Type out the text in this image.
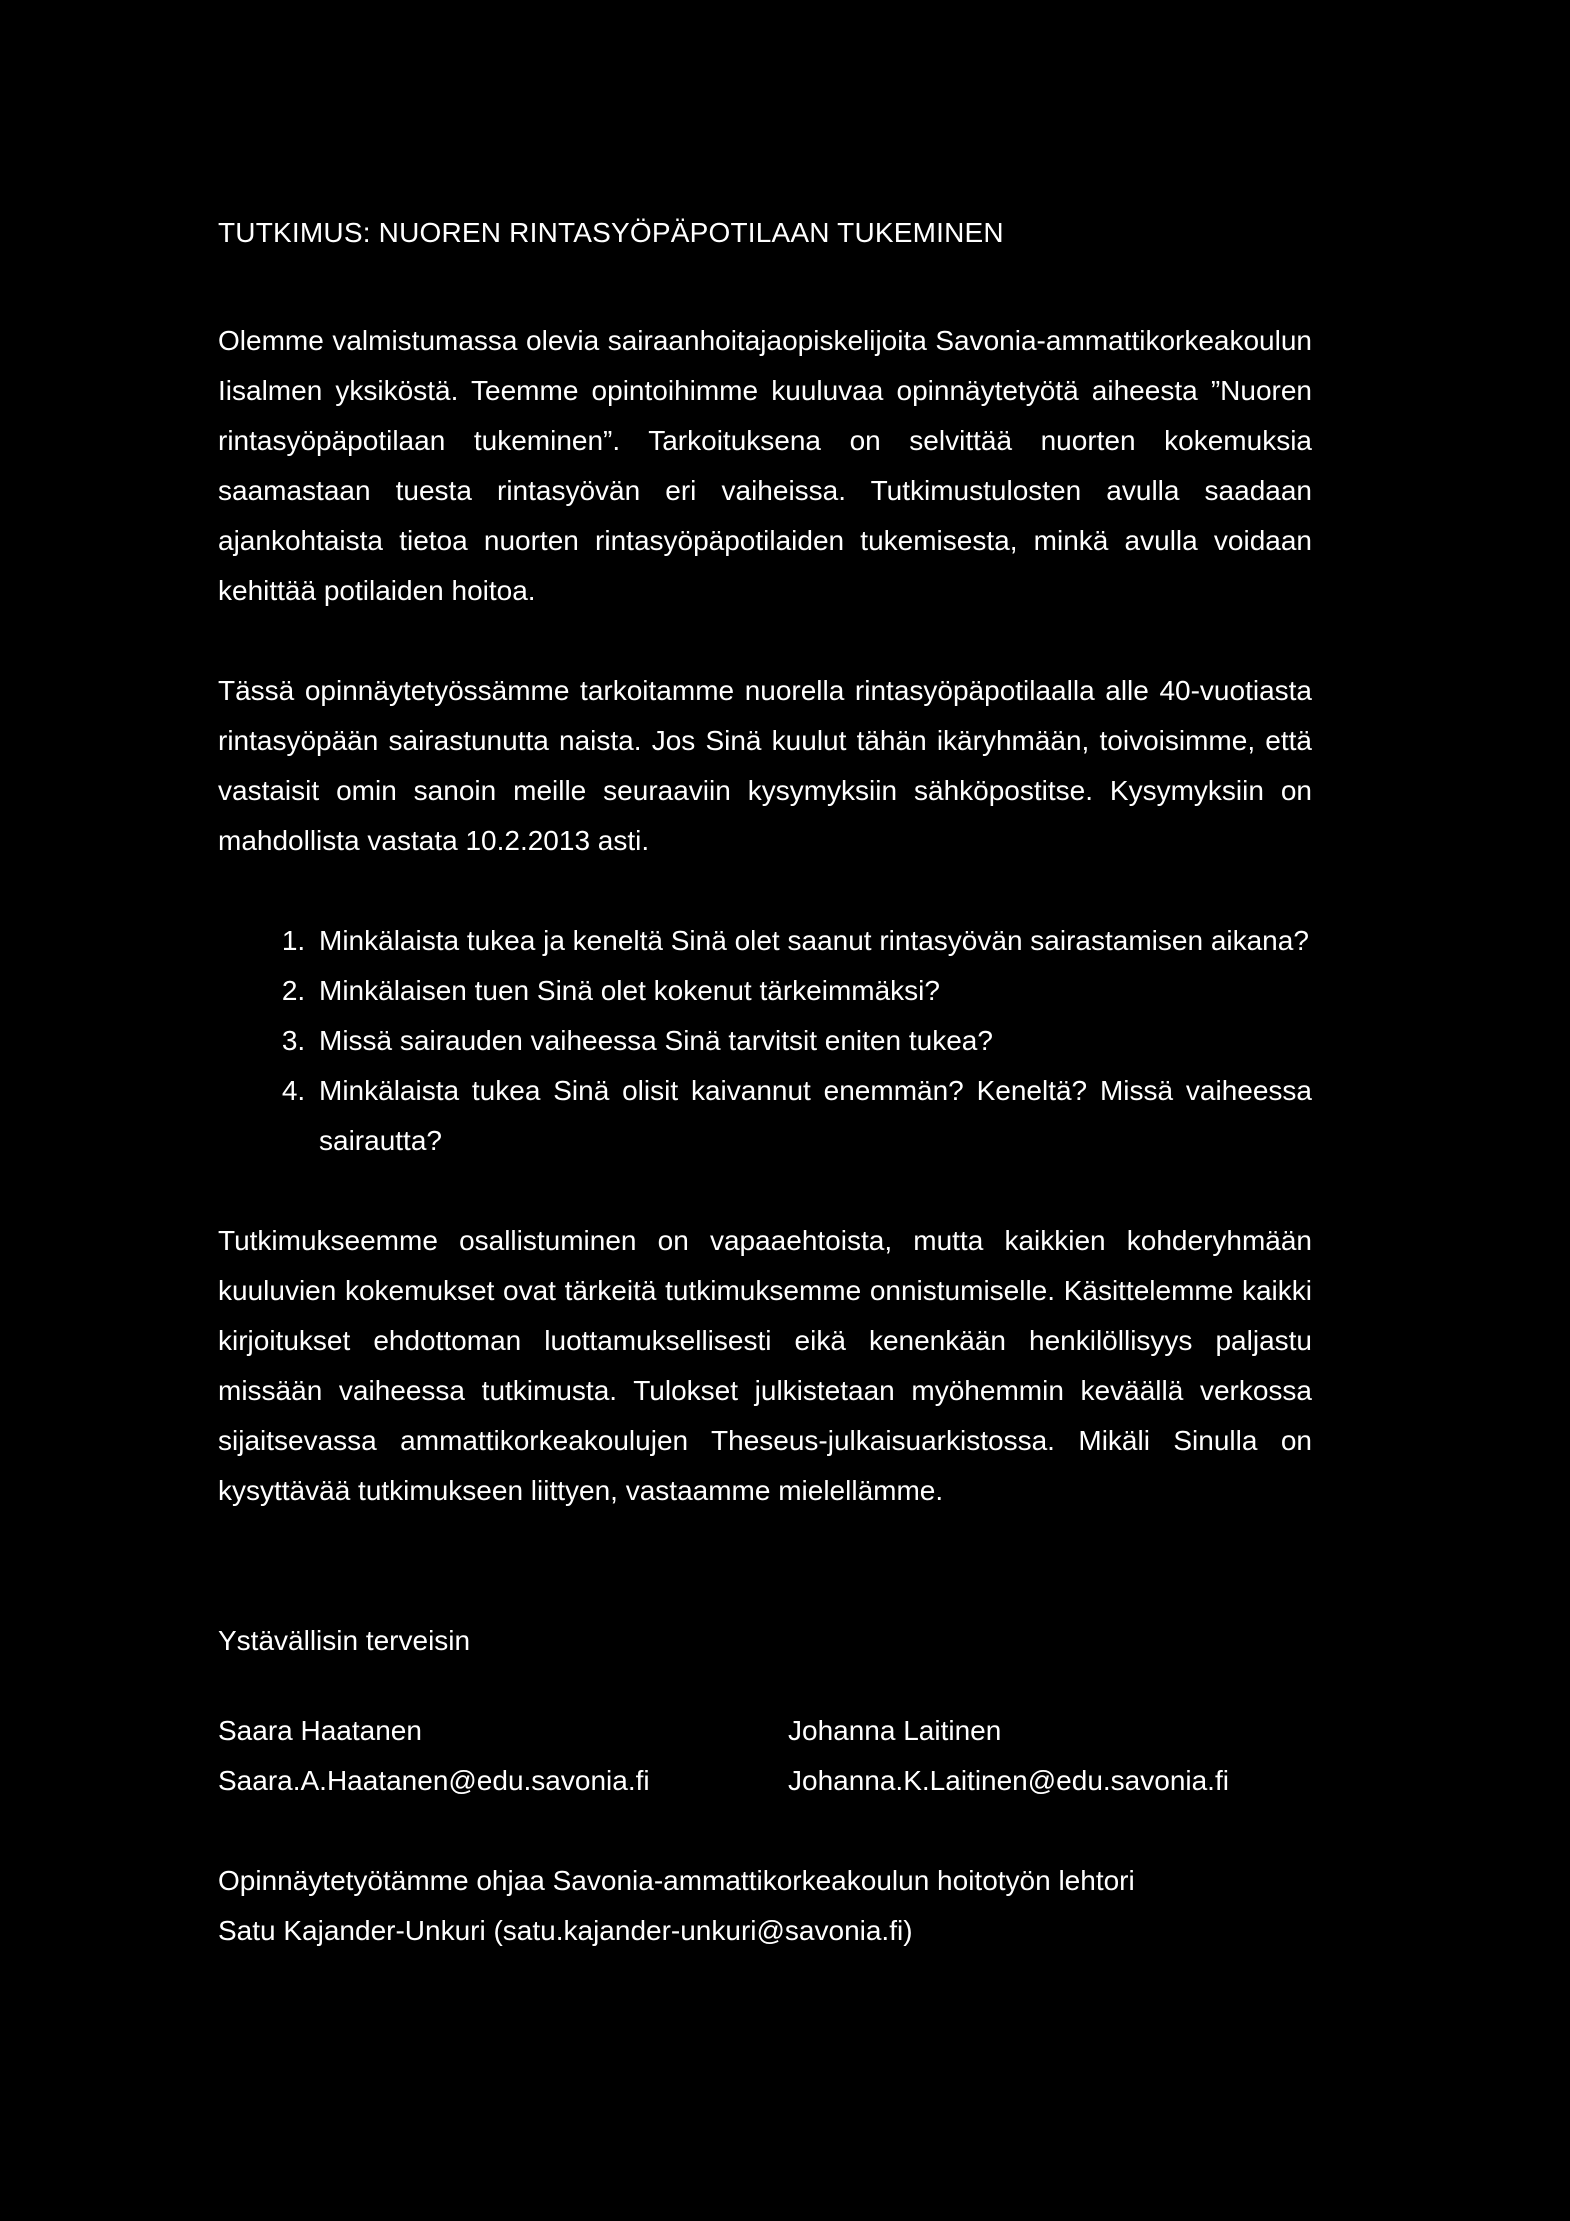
TUTKIMUS: NUOREN RINTASYÖPÄPOTILAAN TUKEMINEN

Olemme valmistumassa olevia sairaanhoitajaopiskelijoita Savonia-ammattikorkeakoulun Iisalmen yksiköstä. Teemme opintoihimme kuuluvaa opinnäytetyötä aiheesta ”Nuoren rintasyöpäpotilaan tukeminen”. Tarkoituksena on selvittää nuorten kokemuksia saamastaan tuesta rintasyövän eri vaiheissa. Tutkimustulosten avulla saadaan ajankohtaista tietoa nuorten rintasyöpäpotilaiden tukemisesta, minkä avulla voidaan kehittää potilaiden hoitoa.

Tässä opinnäytetyössämme tarkoitamme nuorella rintasyöpäpotilaalla alle 40-vuotiasta rintasyöpään sairastunutta naista. Jos Sinä kuulut tähän ikäryhmään, toivoisimme, että vastaisit omin sanoin meille seuraaviin kysymyksiin sähköpostitse. Kysymyksiin on mahdollista vastata 10.2.2013 asti.

1. Minkälaista tukea ja keneltä Sinä olet saanut rintasyövän sairastamisen aikana?
2. Minkälaisen tuen Sinä olet kokenut tärkeimmäksi?
3. Missä sairauden vaiheessa Sinä tarvitsit eniten tukea?
4. Minkälaista tukea Sinä olisit kaivannut enemmän? Keneltä? Missä vaiheessa sairautta?

Tutkimukseemme osallistuminen on vapaaehtoista, mutta kaikkien kohderyhmään kuuluvien kokemukset ovat tärkeitä tutkimuksemme onnistumiselle. Käsittelemme kaikki kirjoitukset ehdottoman luottamuksellisesti eikä kenenkään henkilöllisyys paljastu missään vaiheessa tutkimusta. Tulokset julkistetaan myöhemmin keväällä verkossa sijaitsevassa ammattikorkeakoulujen Theseus-julkaisuarkistossa. Mikäli Sinulla on kysyttävää tutkimukseen liittyen, vastaamme mielellämme.

Ystävällisin terveisin

Saara Haatanen
Saara.A.Haatanen@edu.savonia.fi
Johanna Laitinen
Johanna.K.Laitinen@edu.savonia.fi
Opinnäytetyötämme ohjaa Savonia-ammattikorkeakoulun hoitotyön lehtori
Satu Kajander-Unkuri (satu.kajander-unkuri@savonia.fi)
